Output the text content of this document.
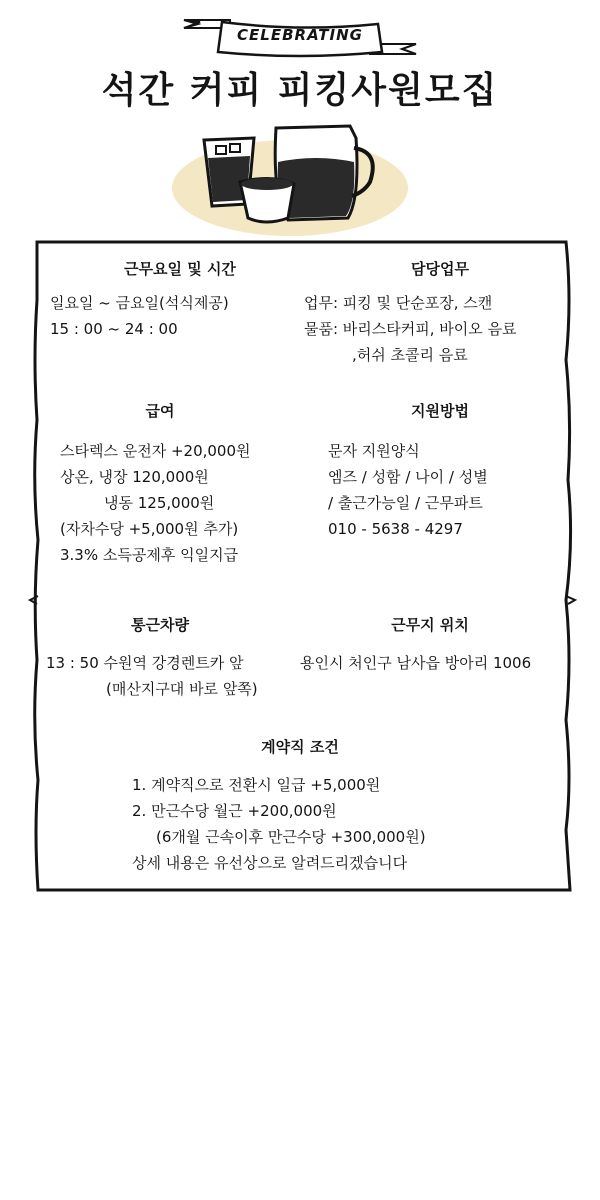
CELEBRATING
석간 커피 피킹사원모집
근무요일 및 시간
일요일 ~ 금요일(석식제공)
15 : 00 ~ 24 : 00
담당업무
업무: 피킹 및 단순포장, 스캔
물품: 바리스타커피, 바이오 음료
,허쉬 초콜리 음료
급여
스타렉스 운전자 +20,000원
상온, 냉장 120,000원
냉동 125,000원
(자차수당 +5,000원 추가)
3.3% 소득공제후 익일지급
지원방법
문자 지원양식
엠즈 / 성함 / 나이 / 성별
/ 출근가능일 / 근무파트
010 - 5638 - 4297
통근차량
13 : 50 수원역 강경렌트카 앞
(매산지구대 바로 앞쪽)
근무지 위치
용인시 처인구 남사읍 방아리 1006
계약직 조건
1. 계약직으로 전환시 일급 +5,000원
2. 만근수당 월근 +200,000원
(6개월 근속이후 만근수당 +300,000원)
상세 내용은 유선상으로 알려드리겠습니다
